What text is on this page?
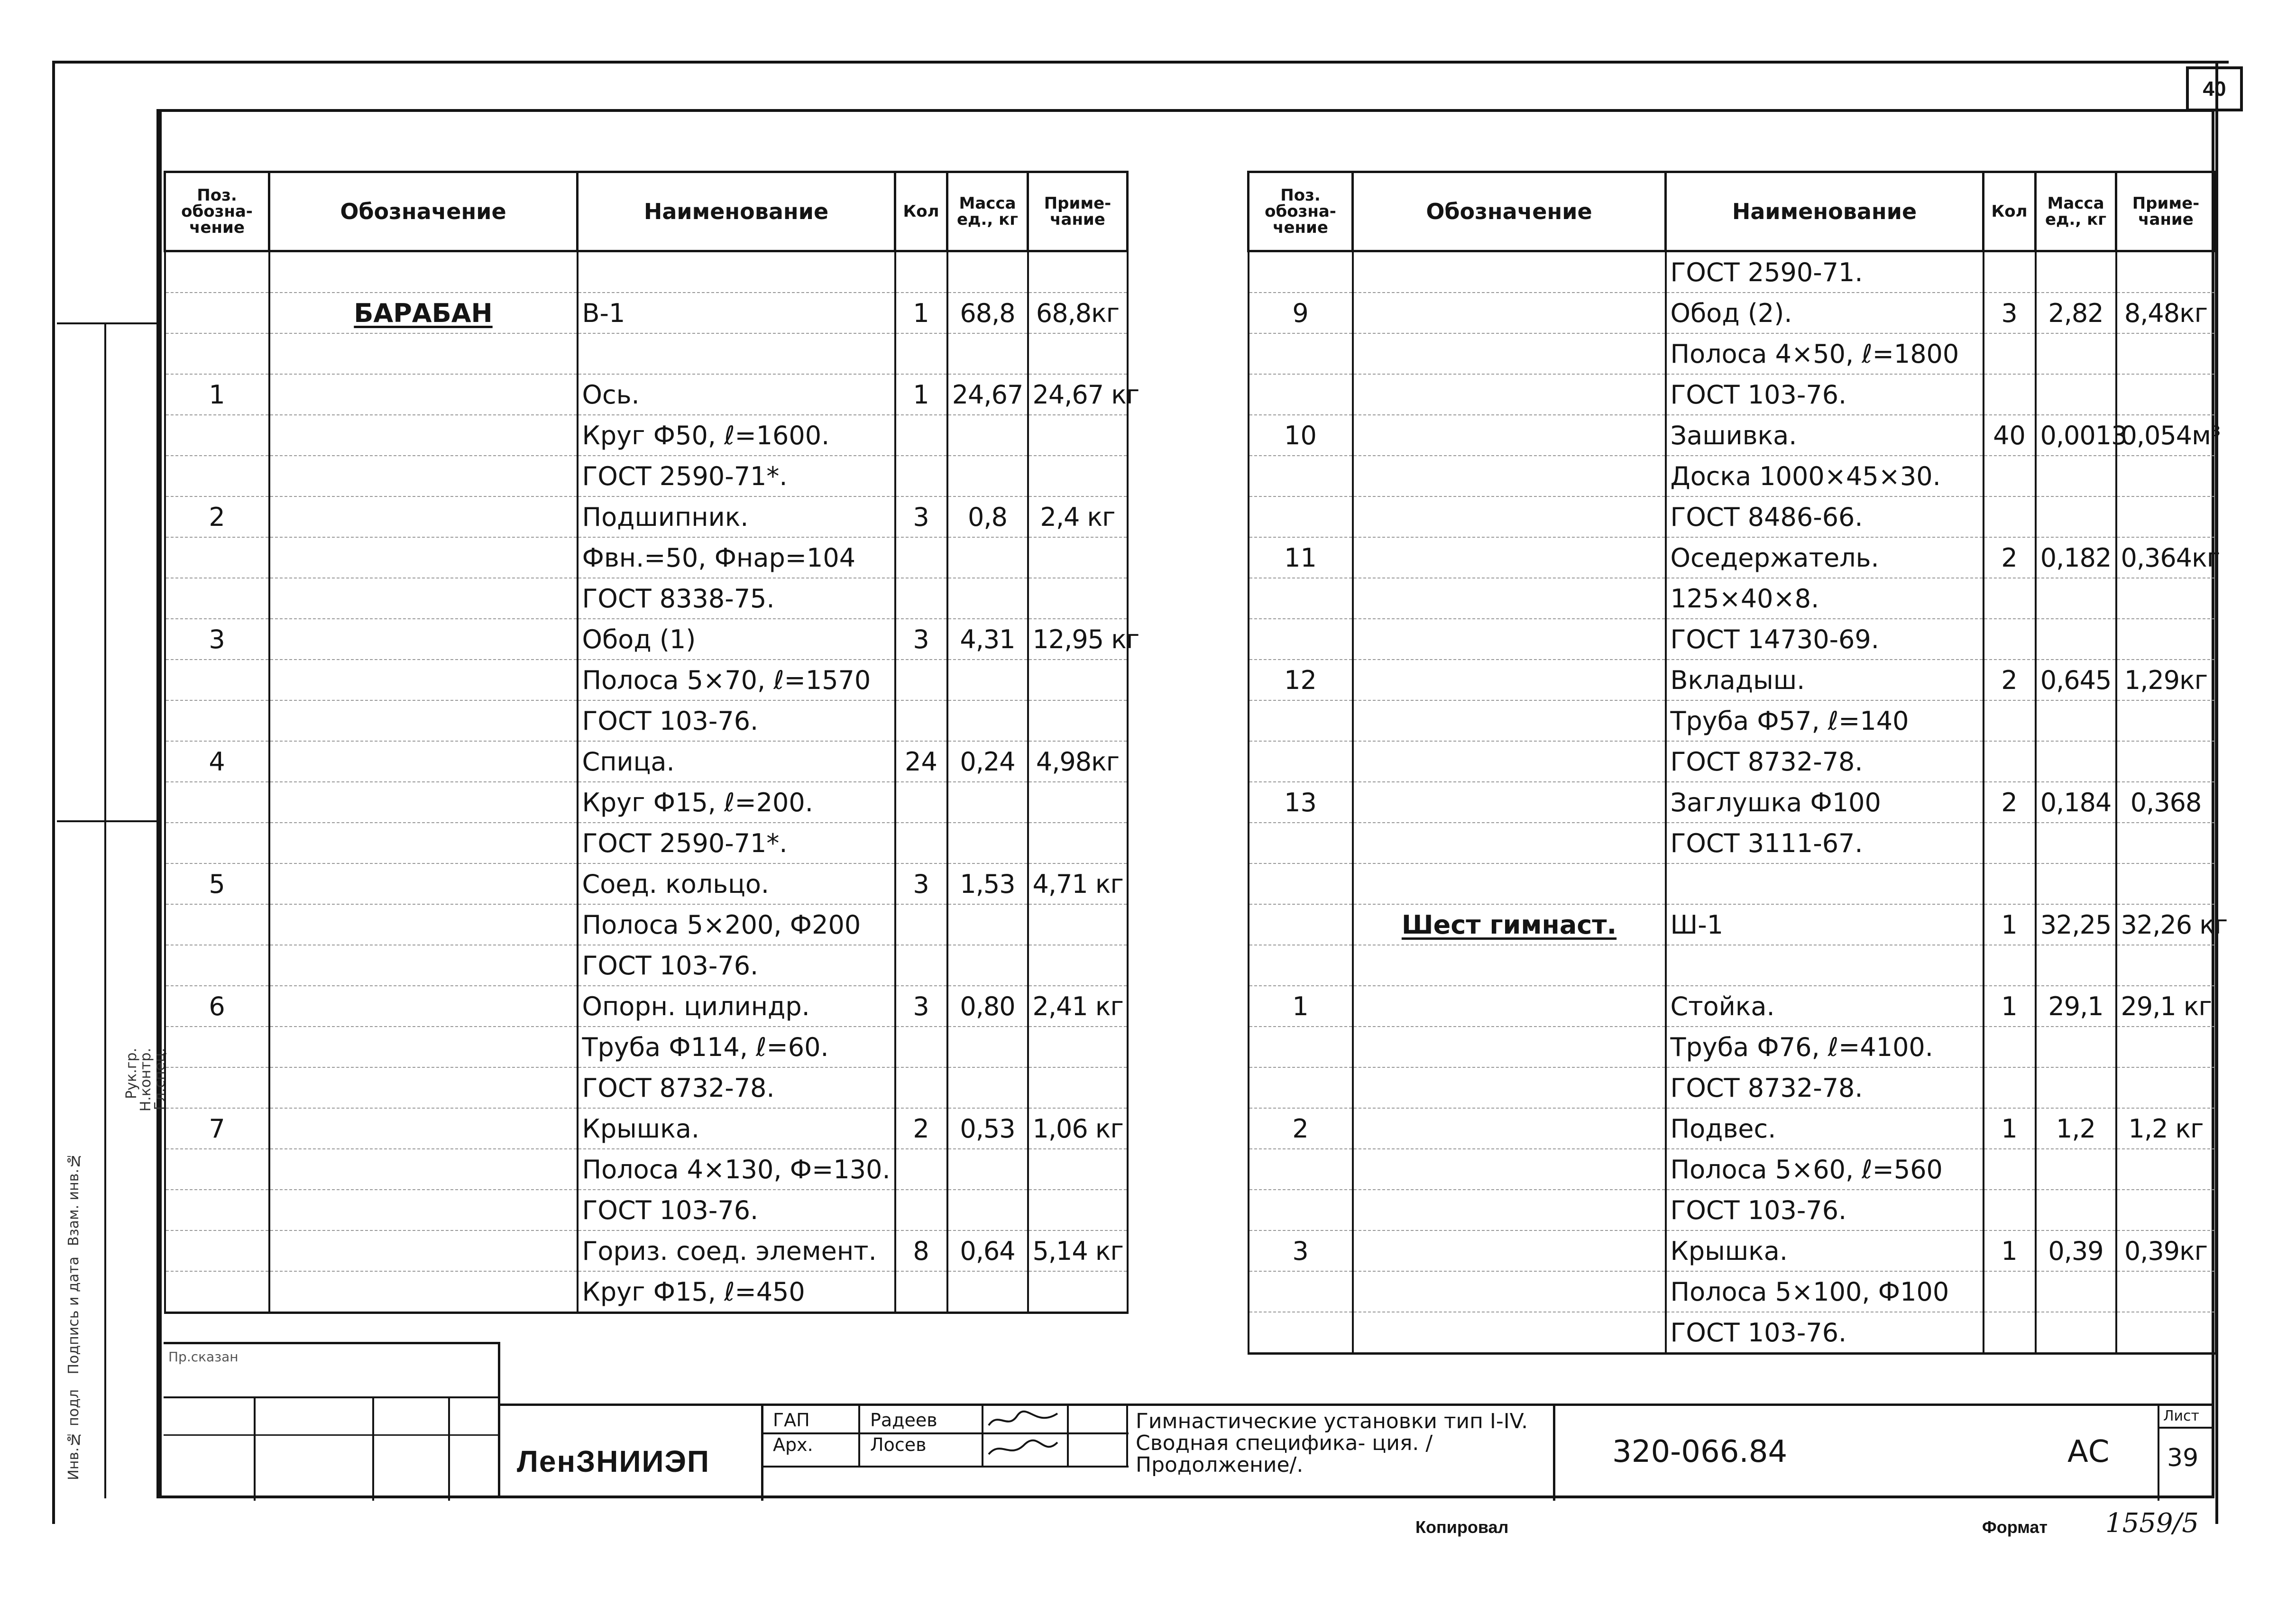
40
Инв.№ подл
Подпись и дата
Взам. инв.№
Рук.гр.
Н.контр.
Гл.спец.
Поз. обозна- чение	Обозначение	Наименование	Кол	Масса ед., кг	Приме- чание

	БАРАБАН	В-1	1	68,8	68,8кг

1		Ось.	1	24,67	24,67 кг
		Круг Ф50, ℓ=1600.			
		ГОСТ 2590-71*.			
2		Подшипник.	3	0,8	2,4 кг
		Фвн.=50, Фнар=104			
		ГОСТ 8338-75.			
3		Обод (1)	3	4,31	12,95 кг
		Полоса 5×70, ℓ=1570			
		ГОСТ 103-76.			
4		Спица.	24	0,24	4,98кг
		Круг Ф15, ℓ=200.			
		ГОСТ 2590-71*.			
5		Соед. кольцо.	3	1,53	4,71 кг
		Полоса 5×200, Ф200			
		ГОСТ 103-76.			
6		Опорн. цилиндр.	3	0,80	2,41 кг
		Труба Ф114, ℓ=60.			
		ГОСТ 8732-78.			
7		Крышка.	2	0,53	1,06 кг
		Полоса 4×130, Ф=130.			
		ГОСТ 103-76.			
		Гориз. соед. элемент.	8	0,64	5,14 кг
		Круг Ф15, ℓ=450			
Поз. обозна- чение	Обозначение	Наименование	Кол	Масса ед., кг	Приме- чание
		ГОСТ 2590-71.			
9		Обод (2).	3	2,82	8,48кг
		Полоса 4×50, ℓ=1800			
		ГОСТ 103-76.			
10		Зашивка.	40	0,0013	0,054м³
		Доска 1000×45×30.			
		ГОСТ 8486-66.			
11		Оседержатель.	2	0,182	0,364кг
		125×40×8.			
		ГОСТ 14730-69.			
12		Вкладыш.	2	0,645	1,29кг
		Труба Ф57, ℓ=140			
		ГОСТ 8732-78.			
13		Заглушка Ф100	2	0,184	0,368
		ГОСТ 3111-67.			

	Шест гимнаст.	Ш-1	1	32,25	32,26 кг

1		Стойка.	1	29,1	29,1 кг
		Труба Ф76, ℓ=4100.			
		ГОСТ 8732-78.			
2		Подвес.	1	1,2	1,2 кг
		Полоса 5×60, ℓ=560			
		ГОСТ 103-76.			
3		Крышка.	1	0,39	0,39кг
		Полоса 5×100, Ф100			
		ГОСТ 103-76.			
Пр.сказан
ЛенЗНИИЭП
ГАП
Арх.
Радеев
Лосев
Гимнастические установки тип I-IV. Сводная специфика- ция. /Продолжение/.	320-066.84	АС
Лист
39
Копировал	Формат 1559/5
